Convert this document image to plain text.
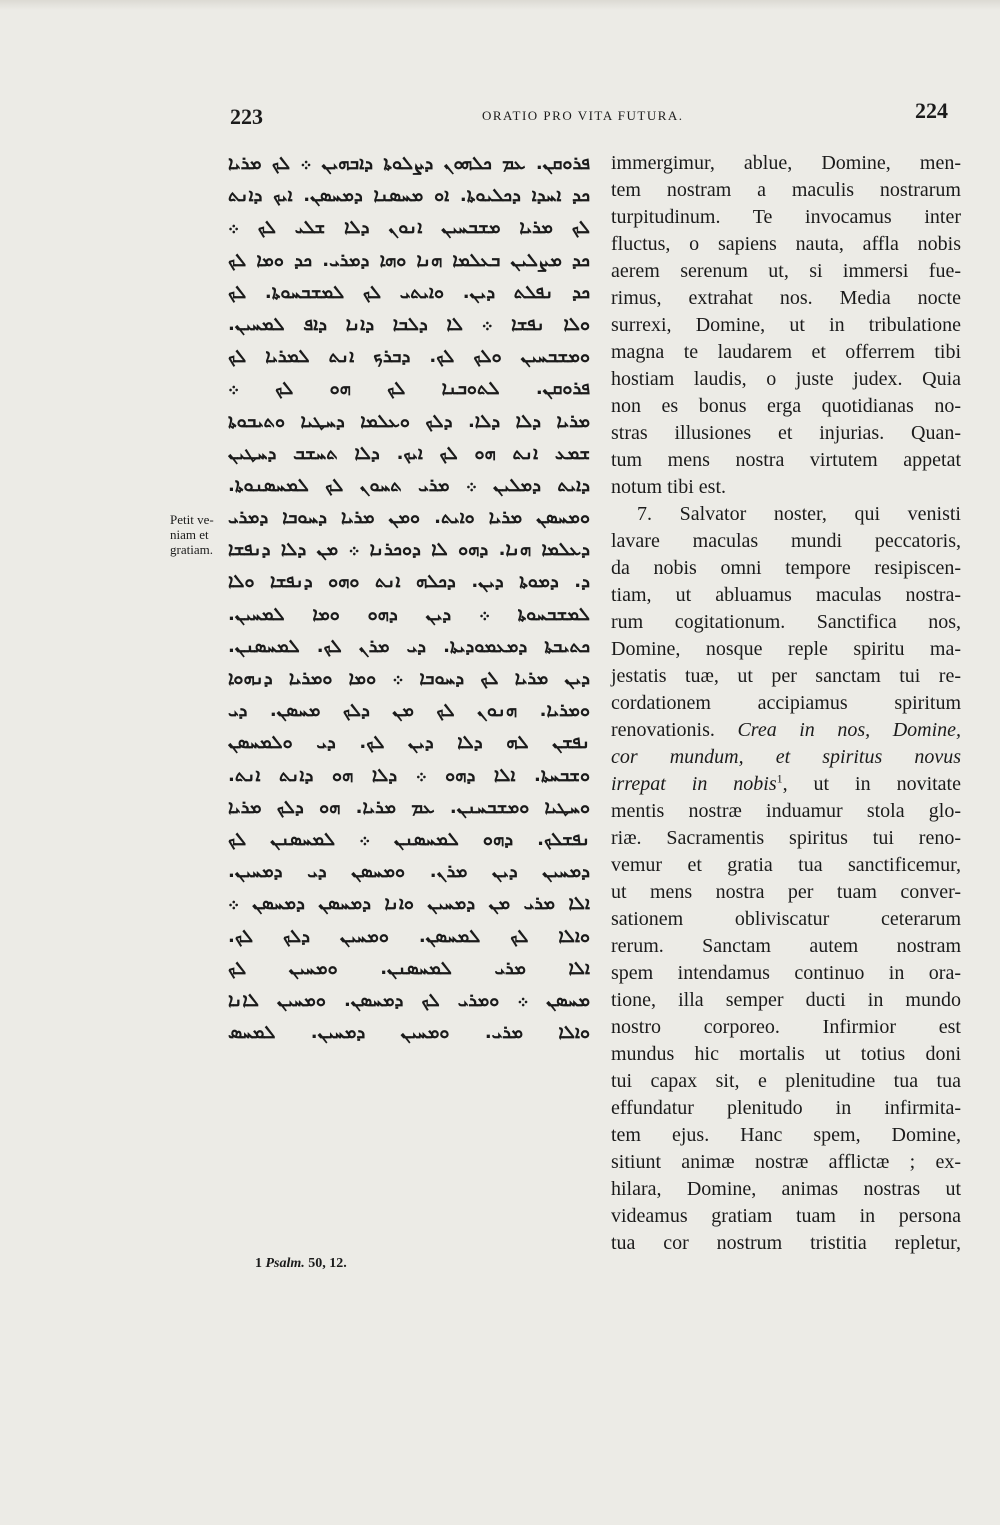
223	ORATIO PRO VITA FUTURA.	224
ܦܪܘܩܢ. ܥܡ ܟܠܗܘܢ ܕܨܠܘܬܐ ܕܐܒܗܝܢ ܀ ܠܟ ܡܪܝܐ
ܟܕ ܐܚܕܐ ܕܟܠܝܘܬܐ. ܐܘ ܡܚܣܢܐ ܕܡܚܣܢ. ܐܝܟ ܕܐܢܬ
ܠܟ ܡܪܝܐ ܡܫܒܚܝܢ ܐܢܘܢ ܕܠܐ ܫܠܝ ܠܟ ܀
ܟܕ ܡܨܠܝܢ ܒܥܠܡܐ ܗܢܐ ܘܗܐ ܕܡܪܝ. ܟܕ ܘܡܐ ܠܟ
ܟܕ ܢܦܠܬ ܕܝܢ. ܘܐܝܬܝ ܠܟ ܠܡܫܒܚܘܬܐ. ܠܟ
ܘܠܐ ܢܦܫܐ ܀ ܠܐ ܕܠܒܐ ܕܐܢܐ ܕܐܦ ܠܡܚܝܢ.
ܘܡܫܒܚܝܢ ܘܠܟ ܠܟ. ܕܒܪܟ ܐܢܬ ܠܡܪܝܐ ܠܟ
ܦܪܘܩܢ. ܠܬܘܒܢܐ ܠܟ ܗܘ ܠܟ ܀
ܡܪܝܐ ܕܠܐ ܕܠܐ. ܕܠܟ ܘܥܠܡܐ ܕܚܛܝܐ ܘܬܝܒܘܬܐ
ܫܡܥ ܐܢܬ ܗܘ ܠܟ ܐܝܟ. ܕܠܐ ܬܚܫܒ ܕܚܛܝܢ
ܕܐܝܬ ܕܡܠܝܢ ܀ ܡܪܝ ܬܚܘܢ ܠܟ ܠܡܚܣܢܘܬܐ.
ܘܡܚܣܢ ܡܪܝܐ ܘܐܝܬ. ܘܡܢ ܡܪܝܐ ܕܚܘܒܐ ܕܡܪܝ
ܕܥܠܡܐ ܗܢܐ. ܕܗܘ ܠܐ ܕܘܟܪܢܐ ܀ ܡܢ ܕܠܐ ܕܢܦܫܐ
ܕ. ܕܡܘܬܐ ܕܝܢ. ܕܟܠܗ ܐܢܬ ܘܗܘ ܕܢܦܫܐ ܘܠܐ
ܠܡܫܒܚܘܬܐ ܀ ܕܝܢ ܕܗܘ ܘܡܐ ܠܡܚܝܢ.
ܟܬܝܒܬܐ ܕܡܥܡܘܕܝܬܐ. ܕܝ ܡܪܢ ܠܟ. ܠܡܚܣܢܢ.
ܕܝܢ ܡܪܝܐ ܠܟ ܕܚܘܒܐ ܀ ܘܡܐ ܘܡܪܝܐ ܕܢܗܘܐ
ܘܡܪܝܐ. ܗܢܘܢ ܠܟ ܡܢ ܕܠܟ ܡܚܣܢ. ܕܝ
ܢܦܫܢ ܠܗ ܕܠܐ ܕܝܢ ܠܟ. ܕܝ ܘܠܡܚܣܢ
ܘܫܒܚܬܐ. ܐܠܐ ܕܗܘ ܀ ܕܠܐ ܗܘ ܕܐܢܬ ܐܢܬ.
ܘܚܛܝܐ ܘܡܫܒܚܢܢ. ܥܡ ܡܪܝܐ. ܗܘ ܕܠܟ ܡܪܝܐ
ܢܦܫܠܟ. ܕܗܘ ܠܡܚܣܢܢ ܀ ܠܡܚܣܢܢ ܠܟ
ܕܡܚܝܢ ܕܝܢ ܡܪܢ. ܘܡܚܣܢ ܕܝ ܕܡܚܝܢ.
ܐܠܐ ܡܪܝ ܡܢ ܕܡܚܝܢ ܘܐܢܐ ܕܡܚܣܢ ܕܡܚܣܢ ܀
ܘܐܠܐ ܠܟ ܠܡܚܣܢ. ܘܡܚܝܢ ܕܠܟ ܠܟ.
ܐܠܐ ܡܪܝ ܠܡܚܣܢܢ. ܘܡܚܝܢ ܠܟ
ܡܚܣܢ ܀ ܘܡܪܝ ܠܟ ܕܡܚܣܢ. ܘܡܚܝܢ ܠܐܢܐ
ܘܐܠܐ ܡܪܝ. ܘܡܚܝܢ ܕܡܚܝܢ. ܠܡܚܣ
Petit ve-
niam et
gratiam.
immergimur, ablue, Domine, men-
tem nostram a maculis nostrarum
turpitudinum. Te invocamus inter
fluctus, o sapiens nauta, affla nobis
aerem serenum ut, si immersi fue-
rimus, extrahat nos. Media nocte
surrexi, Domine, ut in tribulatione
magna te laudarem et offerrem tibi
hostiam laudis, o juste judex. Quia
non es bonus erga quotidianas no-
stras illusiones et injurias. Quan-
tum mens nostra virtutem appetat
notum tibi est.
7. Salvator noster, qui venisti
lavare maculas mundi peccatoris,
da nobis omni tempore resipiscen-
tiam, ut abluamus maculas nostra-
rum cogitationum. Sanctifica nos,
Domine, nosque reple spiritu ma-
jestatis tuæ, ut per sanctam tui re-
cordationem accipiamus spiritum
renovationis. Crea in nos, Domine,
cor mundum, et spiritus novus
irrepat in nobis$^1$, ut in novitate
mentis nostræ induamur stola glo-
riæ. Sacramentis spiritus tui reno-
vemur et gratia tua sanctificemur,
ut mens nostra per tuam conver-
sationem obliviscatur ceterarum
rerum. Sanctam autem nostram
spem intendamus continuo in ora-
tione, illa semper ducti in mundo
nostro corporeo. Infirmior est
mundus hic mortalis ut totius doni
tui capax sit, e plenitudine tua tua
effundatur plenitudo in infirmita-
tem ejus. Hanc spem, Domine,
sitiunt animæ nostræ afflictæ ; ex-
hilara, Domine, animas nostras ut
videamus gratiam tuam in persona
tua cor nostrum tristitia repletur,
1 Psalm. 50, 12.
